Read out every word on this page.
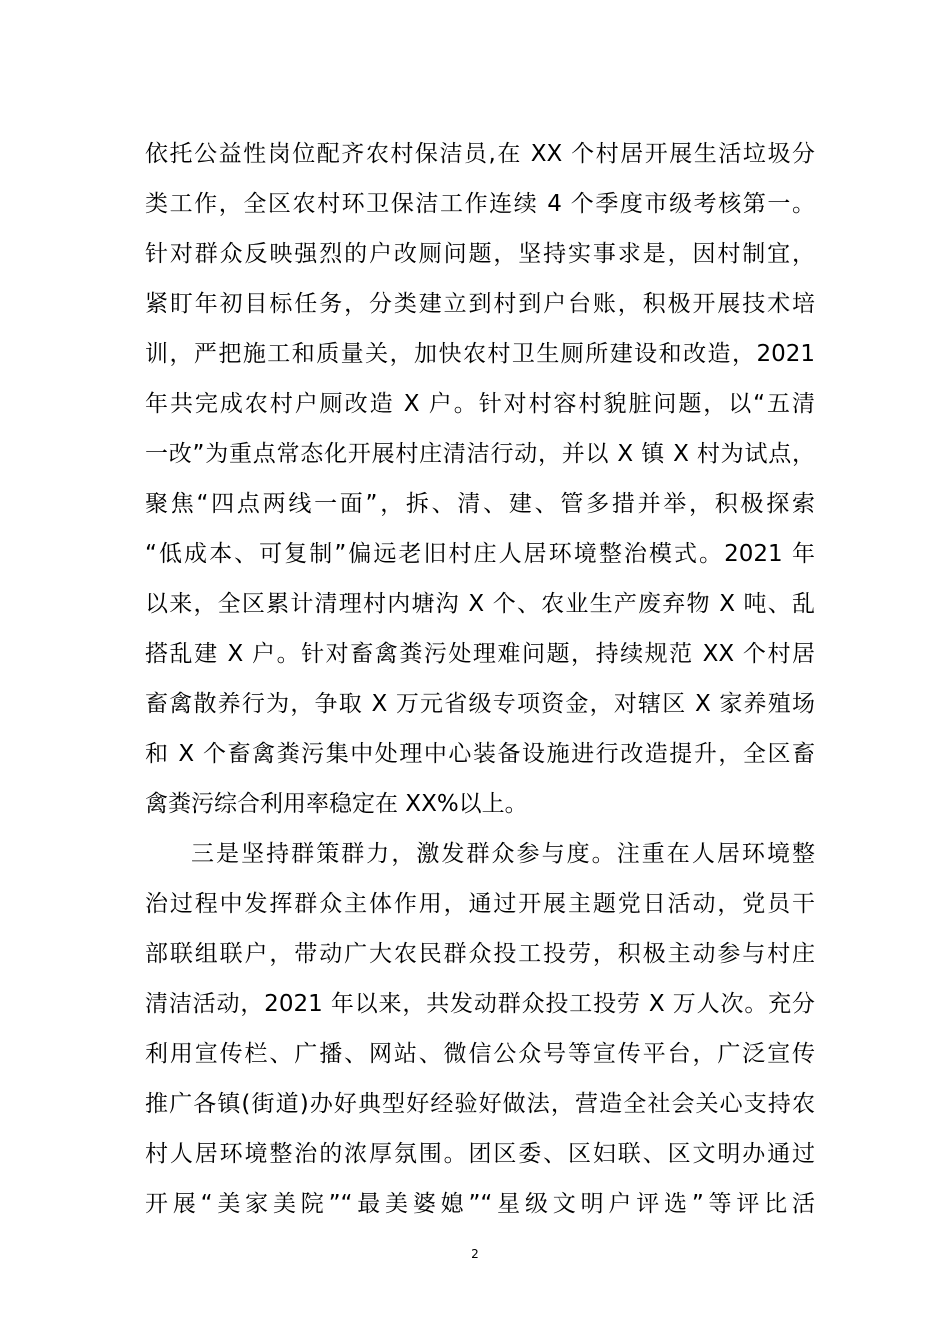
依托公益性岗位配齐农村保洁员,在 XX 个村居开展生活垃圾分
类工作，全区农村环卫保洁工作连续 4 个季度市级考核第一。
针对群众反映强烈的户改厕问题，坚持实事求是，因村制宜，
紧盯年初目标任务，分类建立到村到户台账，积极开展技术培
训，严把施工和质量关，加快农村卫生厕所建设和改造，2021
年共完成农村户厕改造 X 户。针对村容村貌脏问题，以“五清
一改”为重点常态化开展村庄清洁行动，并以 X 镇 X 村为试点，
聚焦“四点两线一面”，拆、清、建、管多措并举，积极探索
“低成本、可复制”偏远老旧村庄人居环境整治模式。2021 年
以来，全区累计清理村内塘沟 X 个、农业生产废弃物 X 吨、乱
搭乱建 X 户。针对畜禽粪污处理难问题，持续规范 XX 个村居
畜禽散养行为，争取 X 万元省级专项资金，对辖区 X 家养殖场
和 X 个畜禽粪污集中处理中心装备设施进行改造提升，全区畜
禽粪污综合利用率稳定在 XX%以上。
三是坚持群策群力，激发群众参与度。注重在人居环境整
治过程中发挥群众主体作用，通过开展主题党日活动，党员干
部联组联户，带动广大农民群众投工投劳，积极主动参与村庄
清洁活动，2021 年以来，共发动群众投工投劳 X 万人次。充分
利用宣传栏、广播、网站、微信公众号等宣传平台，广泛宣传
推广各镇(街道)办好典型好经验好做法，营造全社会关心支持农
村人居环境整治的浓厚氛围。团区委、区妇联、区文明办通过
开展“美家美院”“最美婆媳”“星级文明户评选”等评比活
2
